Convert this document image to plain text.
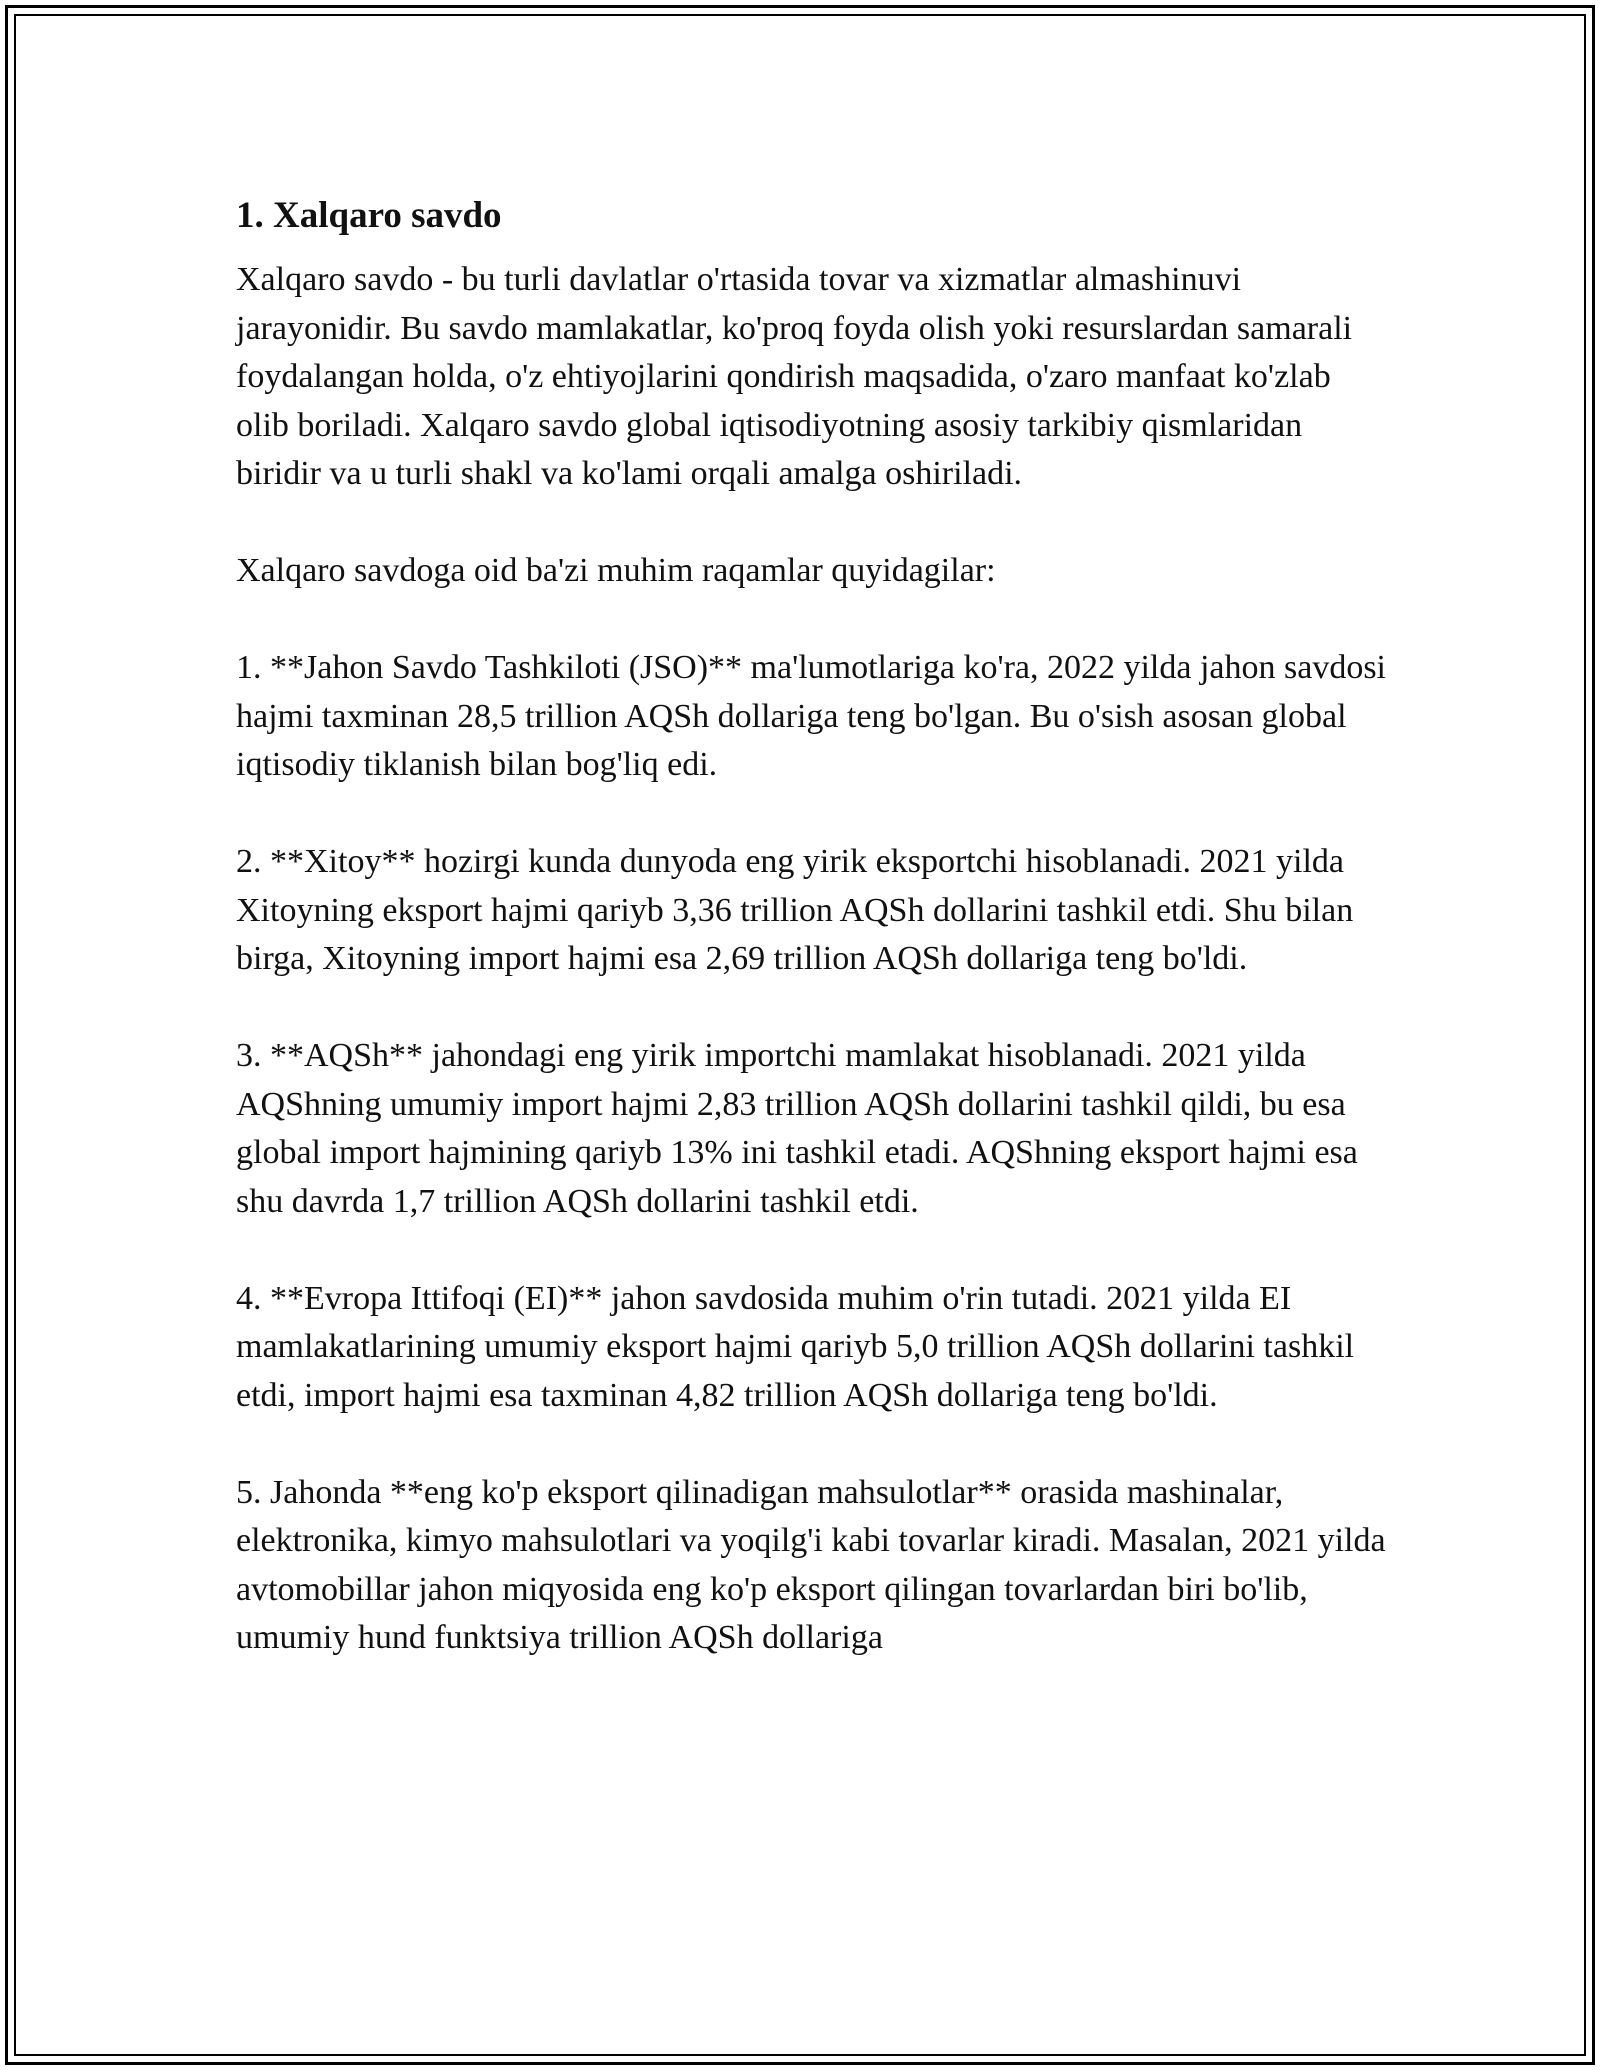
1. Xalqaro savdo

Xalqaro savdo - bu turli davlatlar o'rtasida tovar va xizmatlar almashinuvi jarayonidir. Bu savdo mamlakatlar, ko'proq foyda olish yoki resurslardan samarali foydalangan holda, o'z ehtiyojlarini qondirish maqsadida, o'zaro manfaat ko'zlab olib boriladi. Xalqaro savdo global iqtisodiyotning asosiy tarkibiy qismlaridan biridir va u turli shakl va ko'lami orqali amalga oshiriladi.

Xalqaro savdoga oid ba'zi muhim raqamlar quyidagilar:

1. **Jahon Savdo Tashkiloti (JSO)** ma'lumotlariga ko'ra, 2022 yilda jahon savdosi hajmi taxminan 28,5 trillion AQSh dollariga teng bo'lgan. Bu o'sish asosan global iqtisodiy tiklanish bilan bog'liq edi.

2. **Xitoy** hozirgi kunda dunyoda eng yirik eksportchi hisoblanadi. 2021 yilda Xitoyning eksport hajmi qariyb 3,36 trillion AQSh dollarini tashkil etdi. Shu bilan birga, Xitoyning import hajmi esa 2,69 trillion AQSh dollariga teng bo'ldi.

3. **AQSh** jahondagi eng yirik importchi mamlakat hisoblanadi. 2021 yilda AQShning umumiy import hajmi 2,83 trillion AQSh dollarini tashkil qildi, bu esa global import hajmining qariyb 13% ini tashkil etadi. AQShning eksport hajmi esa shu davrda 1,7 trillion AQSh dollarini tashkil etdi.

4. **Evropa Ittifoqi (EI)** jahon savdosida muhim o'rin tutadi. 2021 yilda EI mamlakatlarining umumiy eksport hajmi qariyb 5,0 trillion AQSh dollarini tashkil etdi, import hajmi esa taxminan 4,82 trillion AQSh dollariga teng bo'ldi.

5. Jahonda **eng ko'p eksport qilinadigan mahsulotlar** orasida mashinalar, elektronika, kimyo mahsulotlari va yoqilg'i kabi tovarlar kiradi. Masalan, 2021 yilda avtomobillar jahon miqyosida eng ko'p eksport qilingan tovarlardan biri bo'lib, umumiy hund funktsiya trillion AQSh dollariga
